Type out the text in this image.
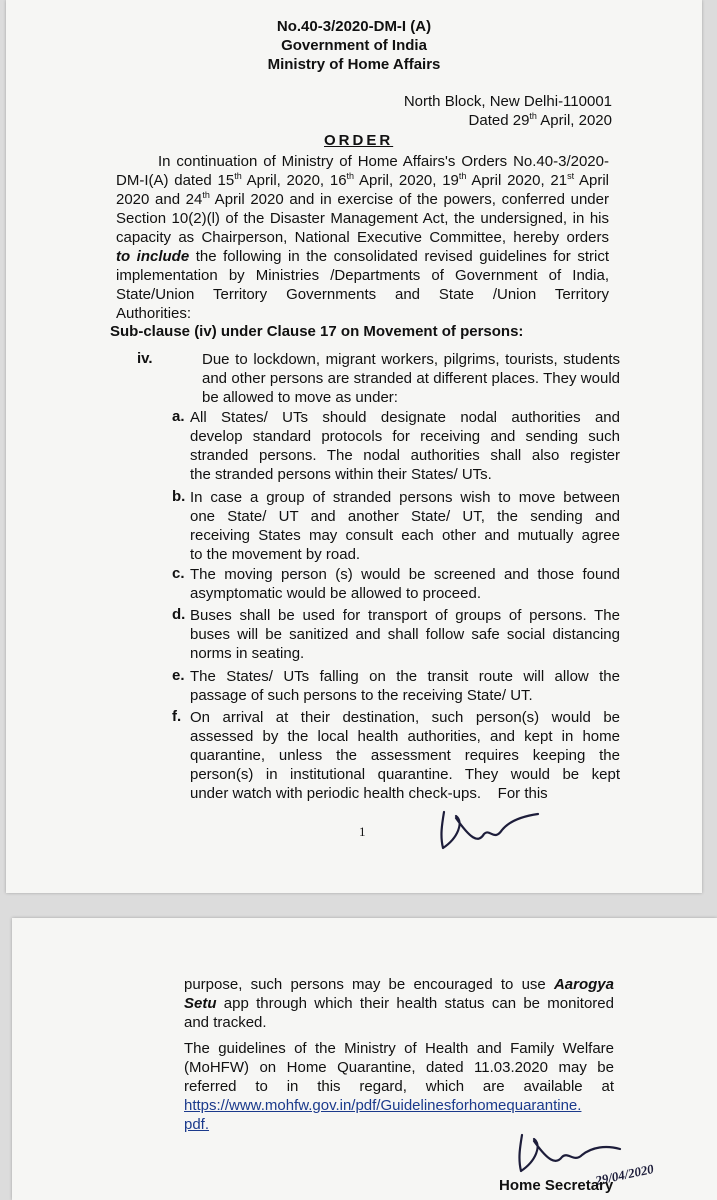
No.40-3/2020-DM-I (A)
Government of India
Ministry of Home Affairs
North Block, New Delhi-110001
Dated 29th April, 2020
ORDER
In continuation of Ministry of Home Affairs's Orders No.40-3/2020-
DM-I(A) dated 15th April, 2020, 16th April, 2020, 19th April 2020, 21st April
2020 and 24th April 2020 and in exercise of the powers, conferred under
Section 10(2)(l) of the Disaster Management Act, the undersigned, in his
capacity as Chairperson, National Executive Committee, hereby orders
to include the following in the consolidated revised guidelines for strict
implementation by Ministries /Departments of Government of India,
State/Union Territory Governments and State /Union Territory
Authorities:
Sub-clause (iv) under Clause 17 on Movement of persons:
iv.	Due to lockdown, migrant workers, pilgrims, tourists, students
and other persons are stranded at different places. They would
be allowed to move as under:
a. All States/ UTs should designate nodal authorities and
develop standard protocols for receiving and sending such
stranded persons. The nodal authorities shall also register
the stranded persons within their States/ UTs.
b. In case a group of stranded persons wish to move between
one State/ UT and another State/ UT, the sending and
receiving States may consult each other and mutually agree
to the movement by road.
c. The moving person (s) would be screened and those found
asymptomatic would be allowed to proceed.
d. Buses shall be used for transport of groups of persons. The
buses will be sanitized and shall follow safe social distancing
norms in seating.
e. The States/ UTs falling on the transit route will allow the
passage of such persons to the receiving State/ UT.
f. On arrival at their destination, such person(s) would be
assessed by the local health authorities, and kept in home
quarantine, unless the assessment requires keeping the
person(s) in institutional quarantine. They would be kept
under watch with periodic health check-ups.    For this
1
purpose, such persons may be encouraged to use Aarogya
Setu app through which their health status can be monitored
and tracked.
The guidelines of the Ministry of Health and Family Welfare
(MoHFW) on Home Quarantine, dated 11.03.2020 may be
referred to in this regard, which are available at
https://www.mohfw.gov.in/pdf/Guidelinesforhomequarantine.
pdf.
29/04/2020
Home Secretary
